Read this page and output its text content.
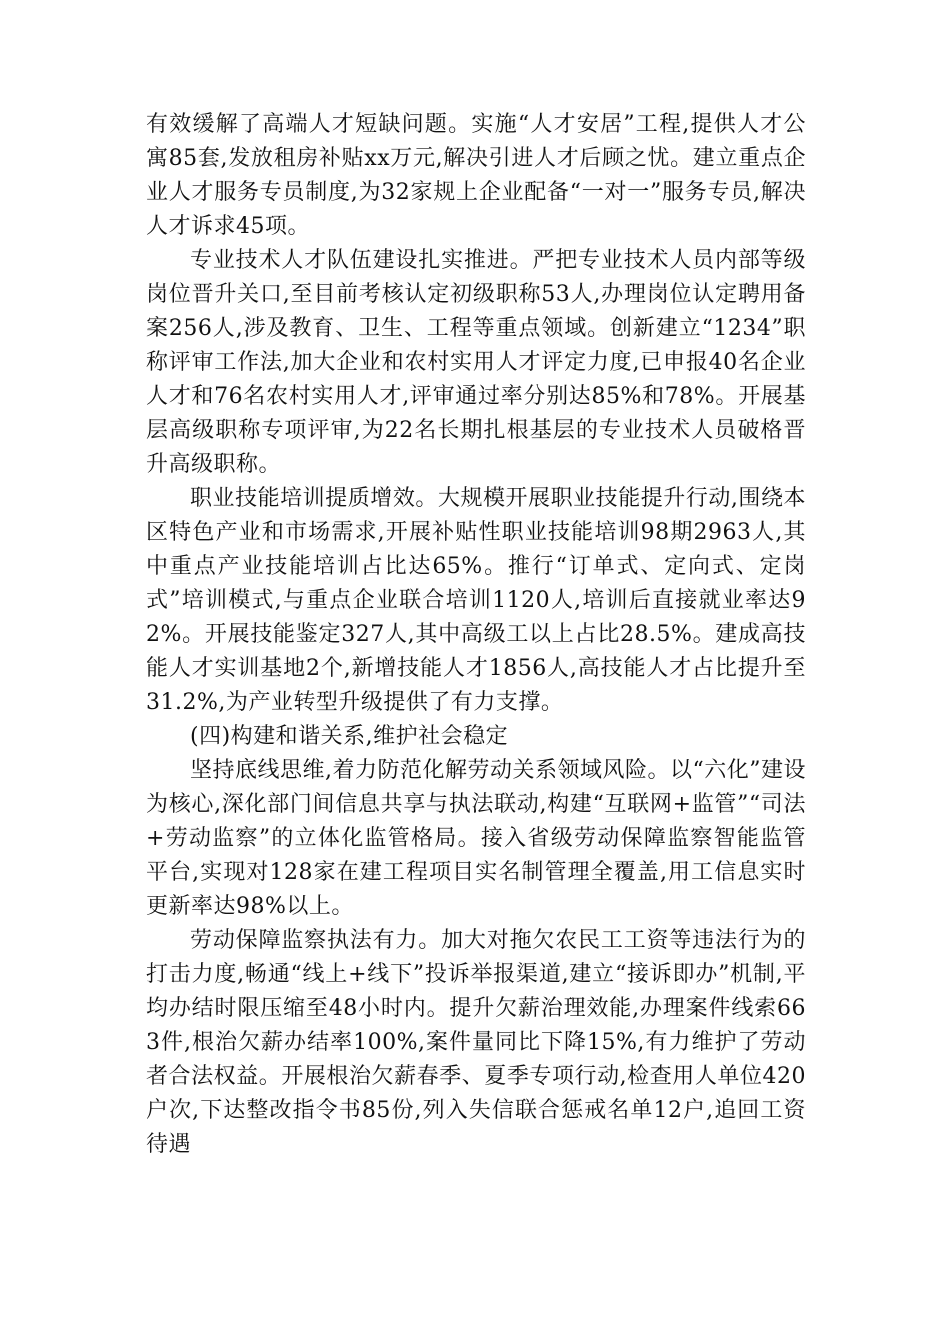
有效缓解了高端人才短缺问题。实施“人才安居”工程,提供人才公寓85套,发放租房补贴xx万元,解决引进人才后顾之忧。建立重点企业人才服务专员制度,为32家规上企业配备“一对一”服务专员,解决人才诉求45项。

专业技术人才队伍建设扎实推进。严把专业技术人员内部等级岗位晋升关口,至目前考核认定初级职称53人,办理岗位认定聘用备案256人,涉及教育、卫生、工程等重点领域。创新建立“1234”职称评审工作法,加大企业和农村实用人才评定力度,已申报40名企业人才和76名农村实用人才,评审通过率分别达85%和78%。开展基层高级职称专项评审,为22名长期扎根基层的专业技术人员破格晋升高级职称。

职业技能培训提质增效。大规模开展职业技能提升行动,围绕本区特色产业和市场需求,开展补贴性职业技能培训98期2963人,其中重点产业技能培训占比达65%。推行“订单式、定向式、定岗式”培训模式,与重点企业联合培训1120人,培训后直接就业率达92%。开展技能鉴定327人,其中高级工以上占比28.5%。建成高技能人才实训基地2个,新增技能人才1856人,高技能人才占比提升至31.2%,为产业转型升级提供了有力支撑。

(四)构建和谐关系,维护社会稳定

坚持底线思维,着力防范化解劳动关系领域风险。以“六化”建设为核心,深化部门间信息共享与执法联动,构建“互联网+监管”“司法+劳动监察”的立体化监管格局。接入省级劳动保障监察智能监管平台,实现对128家在建工程项目实名制管理全覆盖,用工信息实时更新率达98%以上。

劳动保障监察执法有力。加大对拖欠农民工工资等违法行为的打击力度,畅通“线上+线下”投诉举报渠道,建立“接诉即办”机制,平均办结时限压缩至48小时内。提升欠薪治理效能,办理案件线索663件,根治欠薪办结率100%,案件量同比下降15%,有力维护了劳动者合法权益。开展根治欠薪春季、夏季专项行动,检查用人单位420户次,下达整改指令书85份,列入失信联合惩戒名单12户,追回工资待遇
